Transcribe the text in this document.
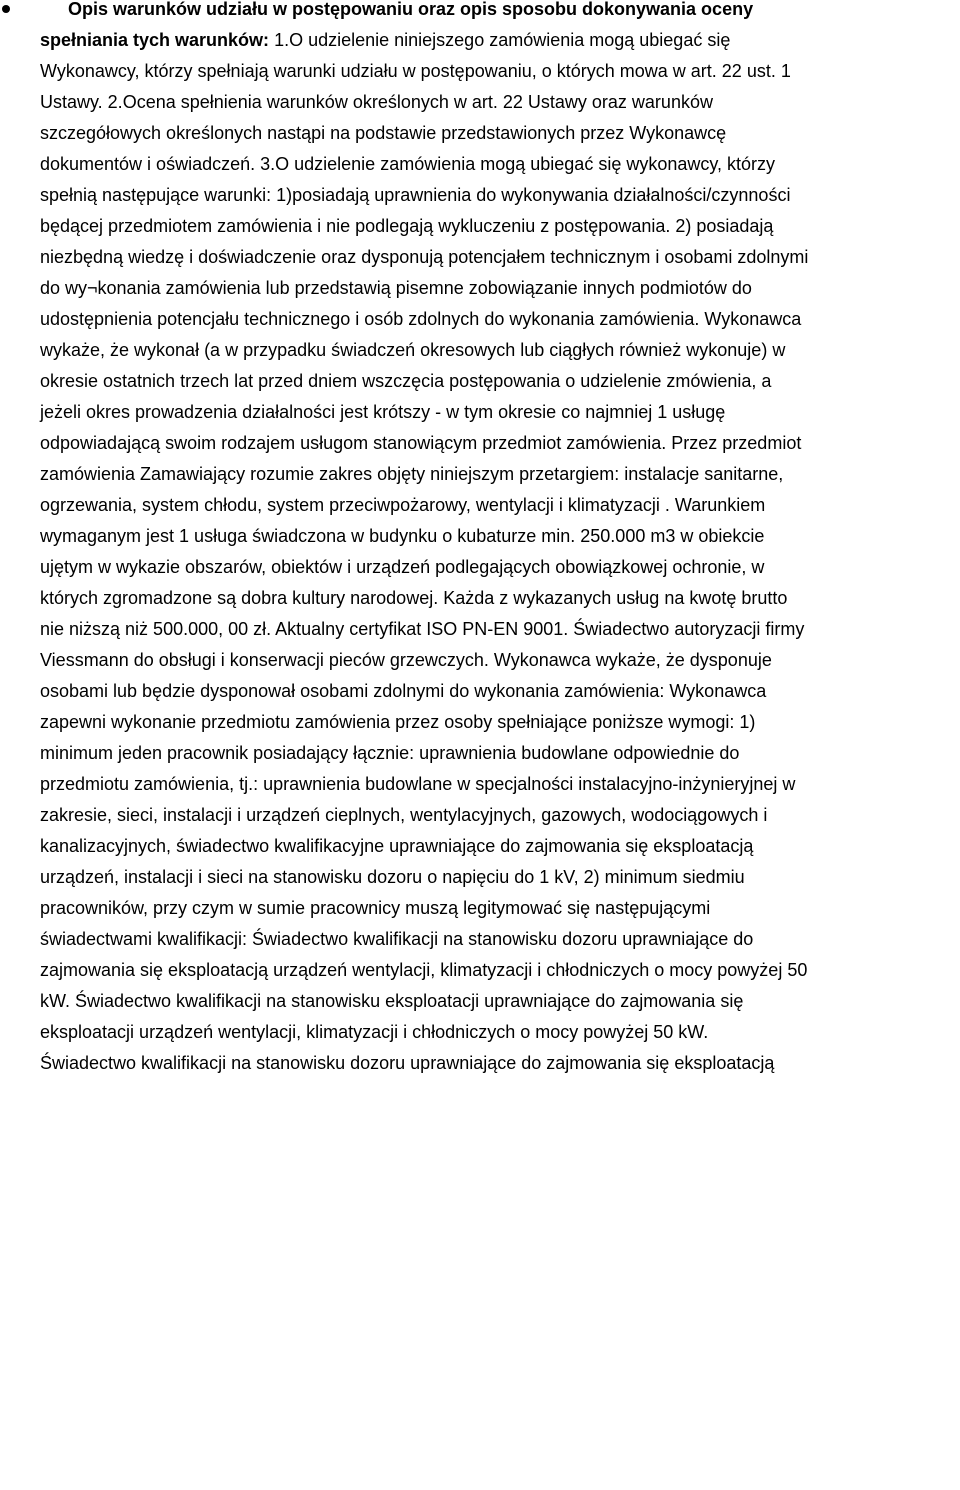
Opis warunków udziału w postępowaniu oraz opis sposobu dokonywania oceny
spełniania tych warunków: 1.O udzielenie niniejszego zamówienia mogą ubiegać się
Wykonawcy, którzy spełniają warunki udziału w postępowaniu, o których mowa w art. 22 ust. 1
Ustawy. 2.Ocena spełnienia warunków określonych w art. 22 Ustawy oraz warunków
szczegółowych określonych nastąpi na podstawie przedstawionych przez Wykonawcę
dokumentów i oświadczeń. 3.O udzielenie zamówienia mogą ubiegać się wykonawcy, którzy
spełnią następujące warunki: 1)posiadają uprawnienia do wykonywania działalności/czynności
będącej przedmiotem zamówienia i nie podlegają wykluczeniu z postępowania. 2) posiadają
niezbędną wiedzę i doświadczenie oraz dysponują potencjałem technicznym i osobami zdolnymi
do wy¬konania zamówienia lub przedstawią pisemne zobowiązanie innych podmiotów do
udostępnienia potencjału technicznego i osób zdolnych do wykonania zamówienia. Wykonawca
wykaże, że wykonał (a w przypadku świadczeń okresowych lub ciągłych również wykonuje) w
okresie ostatnich trzech lat przed dniem wszczęcia postępowania o udzielenie zmówienia, a
jeżeli okres prowadzenia działalności jest krótszy - w tym okresie co najmniej 1 usługę
odpowiadającą swoim rodzajem usługom stanowiącym przedmiot zamówienia. Przez przedmiot
zamówienia Zamawiający rozumie zakres objęty niniejszym przetargiem: instalacje sanitarne,
ogrzewania, system chłodu, system przeciwpożarowy, wentylacji i klimatyzacji . Warunkiem
wymaganym jest 1 usługa świadczona w budynku o kubaturze min. 250.000 m3 w obiekcie
ujętym w wykazie obszarów, obiektów i urządzeń podlegających obowiązkowej ochronie, w
których zgromadzone są dobra kultury narodowej. Każda z wykazanych usług na kwotę brutto
nie niższą niż 500.000, 00 zł. Aktualny certyfikat ISO PN-EN 9001. Świadectwo autoryzacji firmy
Viessmann do obsługi i konserwacji pieców grzewczych. Wykonawca wykaże, że dysponuje
osobami lub będzie dysponował osobami zdolnymi do wykonania zamówienia: Wykonawca
zapewni wykonanie przedmiotu zamówienia przez osoby spełniające poniższe wymogi: 1)
minimum jeden pracownik posiadający łącznie: uprawnienia budowlane odpowiednie do
przedmiotu zamówienia, tj.: uprawnienia budowlane w specjalności instalacyjno-inżynieryjnej w
zakresie, sieci, instalacji i urządzeń cieplnych, wentylacyjnych, gazowych, wodociągowych i
kanalizacyjnych, świadectwo kwalifikacyjne uprawniające do zajmowania się eksploatacją
urządzeń, instalacji i sieci na stanowisku dozoru o napięciu do 1 kV, 2) minimum siedmiu
pracowników, przy czym w sumie pracownicy muszą legitymować się następującymi
świadectwami kwalifikacji: Świadectwo kwalifikacji na stanowisku dozoru uprawniające do
zajmowania się eksploatacją urządzeń wentylacji, klimatyzacji i chłodniczych o mocy powyżej 50
kW. Świadectwo kwalifikacji na stanowisku eksploatacji uprawniające do zajmowania się
eksploatacji urządzeń wentylacji, klimatyzacji i chłodniczych o mocy powyżej 50 kW.
Świadectwo kwalifikacji na stanowisku dozoru uprawniające do zajmowania się eksploatacją
